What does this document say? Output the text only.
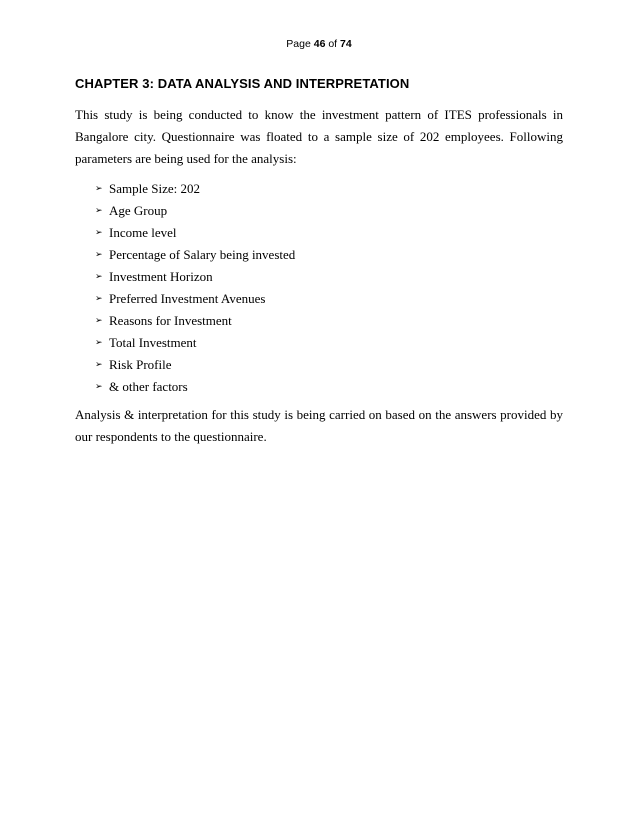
Page 46 of 74
CHAPTER 3: DATA ANALYSIS AND INTERPRETATION

This study is being conducted to know the investment pattern of ITES professionals in Bangalore city. Questionnaire was floated to a sample size of 202 employees. Following parameters are being used for the analysis:

➢ Sample Size: 202
➢ Age Group
➢ Income level
➢ Percentage of Salary being invested
➢ Investment Horizon
➢ Preferred Investment Avenues
➢ Reasons for Investment
➢ Total Investment
➢ Risk Profile
➢ & other factors

Analysis & interpretation for this study is being carried on based on the answers provided by our respondents to the questionnaire.
